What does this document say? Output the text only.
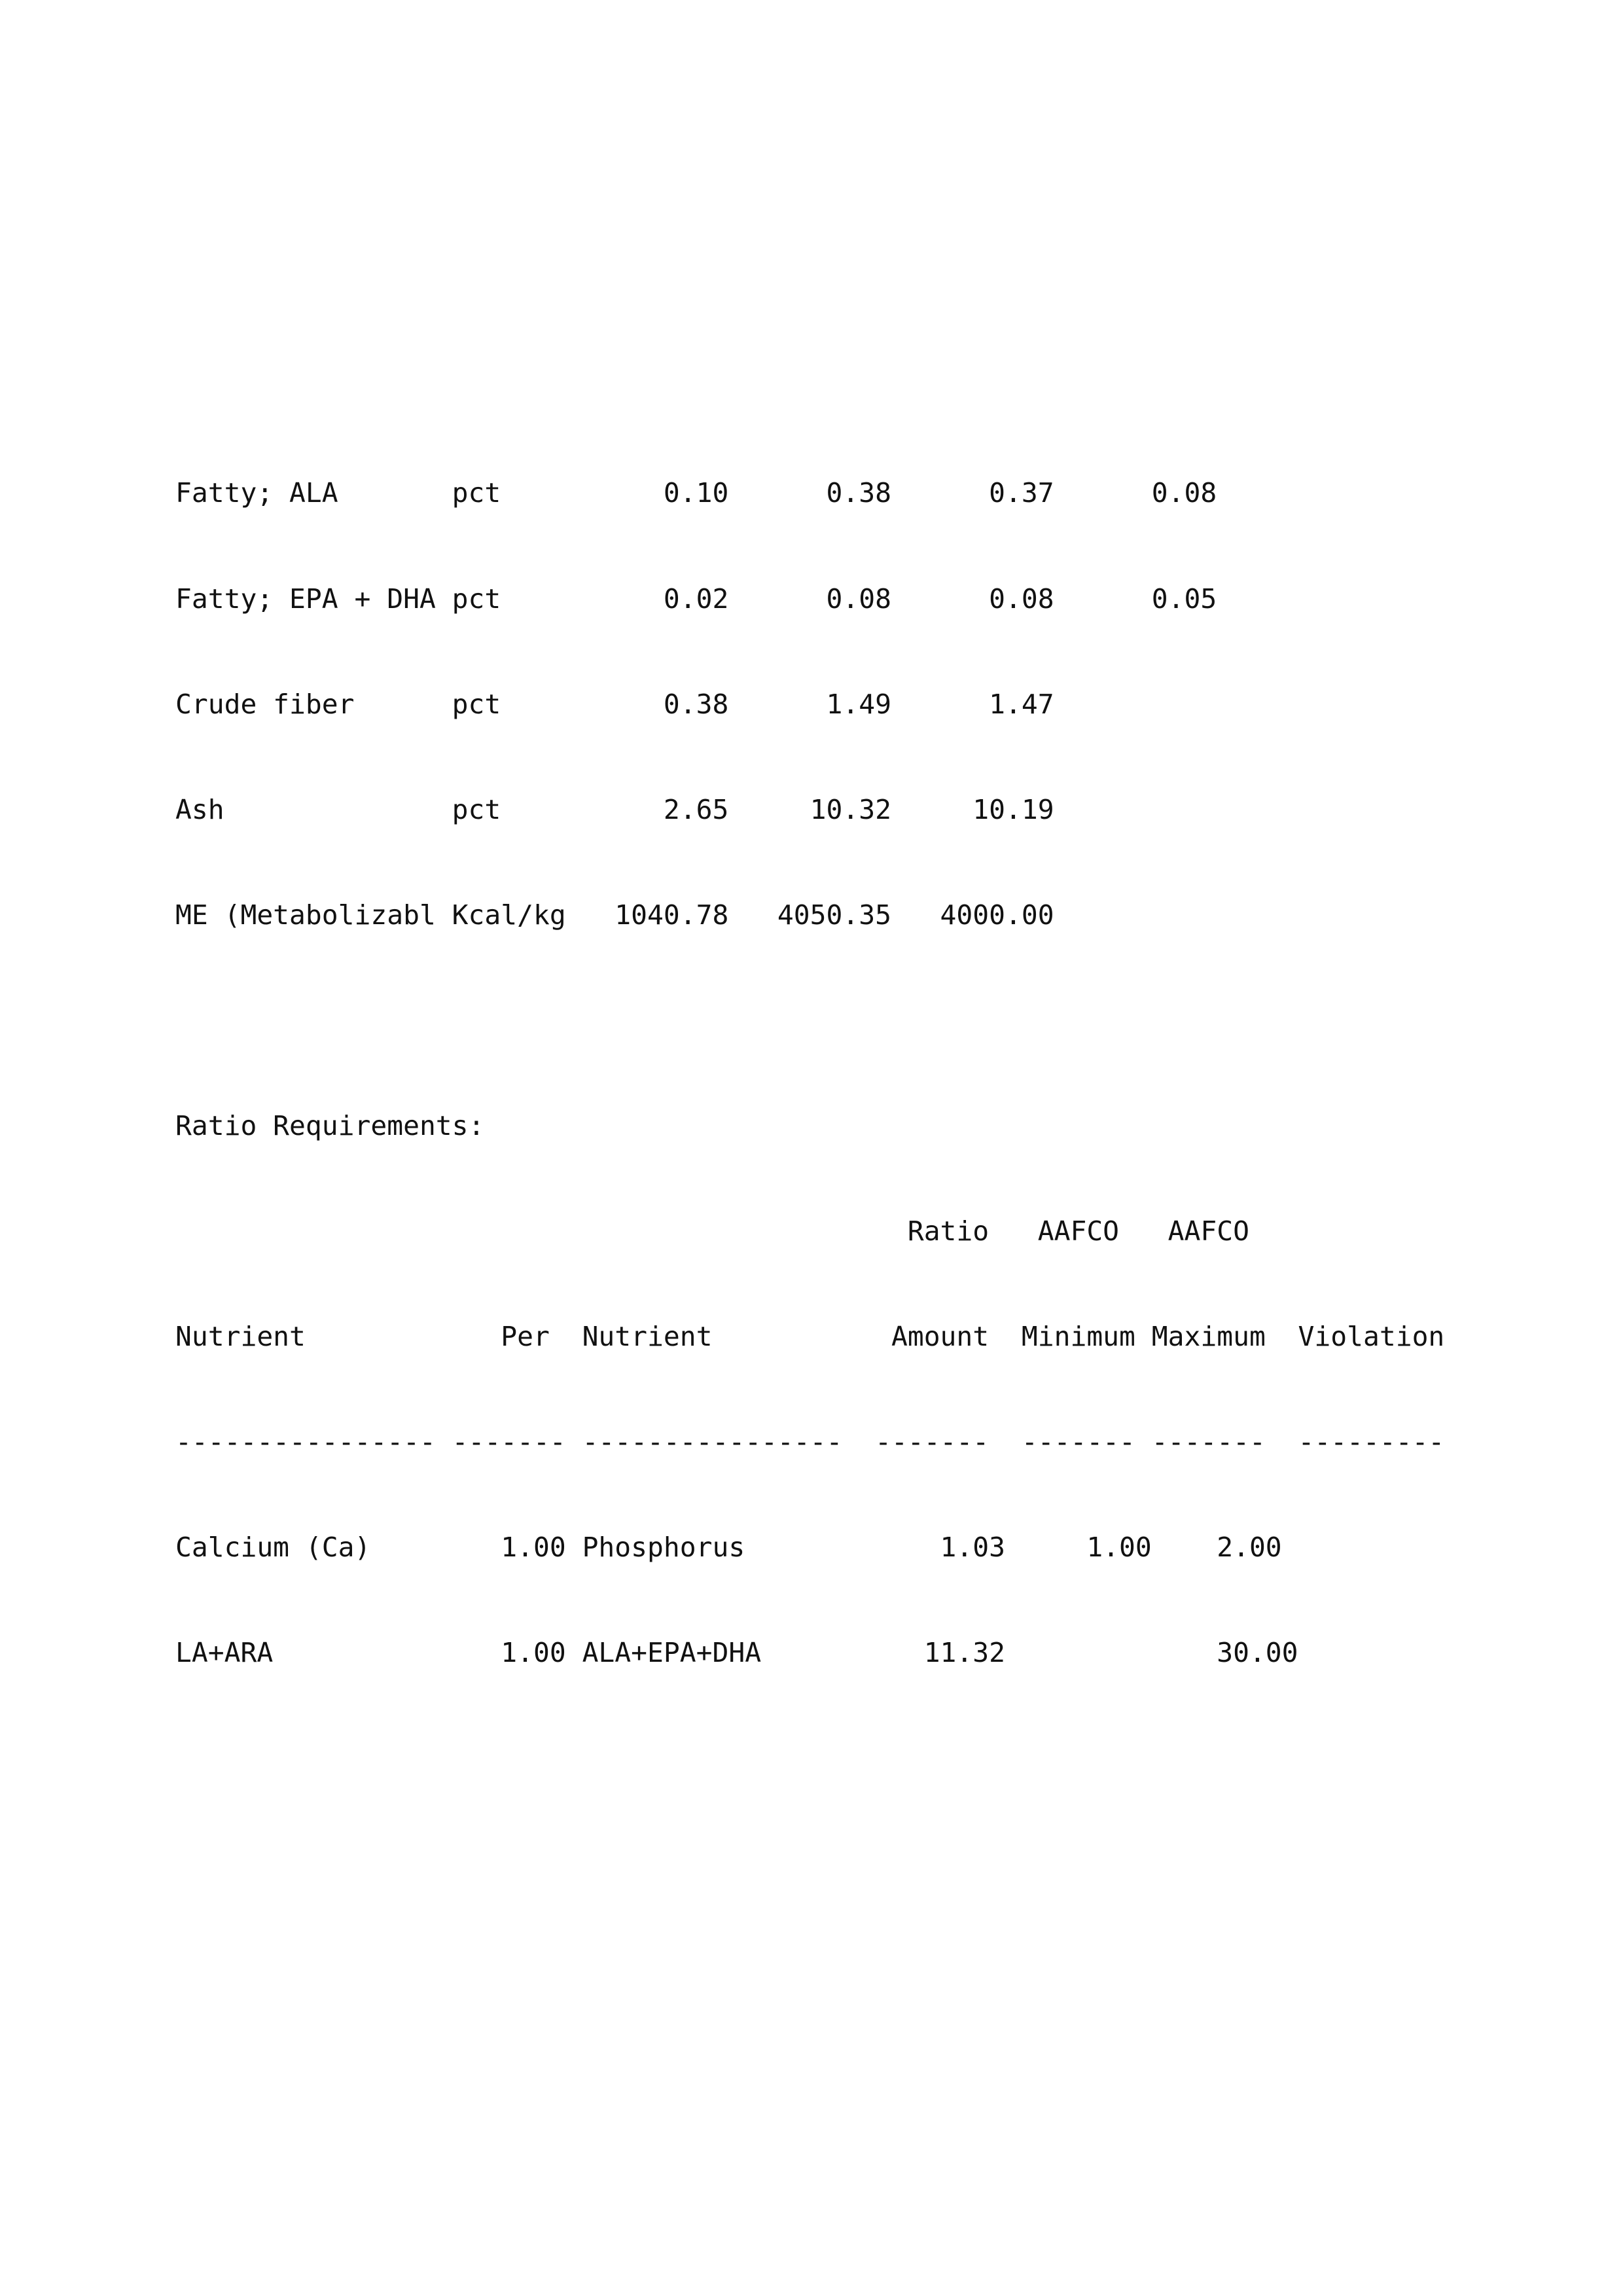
Fatty; ALA       pct          0.10      0.38      0.37      0.08

Fatty; EPA + DHA pct          0.02      0.08      0.08      0.05

Crude fiber      pct          0.38      1.49      1.47

Ash              pct          2.65     10.32     10.19

ME (Metabolizabl Kcal/kg   1040.78   4050.35   4000.00

Ratio Requirements:

Ratio   AAFCO   AAFCO

Nutrient            Per  Nutrient           Amount  Minimum Maximum  Violation

---------------- ------- ----------------  -------  ------- -------  ---------

Calcium (Ca)        1.00 Phosphorus            1.03     1.00    2.00

LA+ARA              1.00 ALA+EPA+DHA          11.32             30.00
